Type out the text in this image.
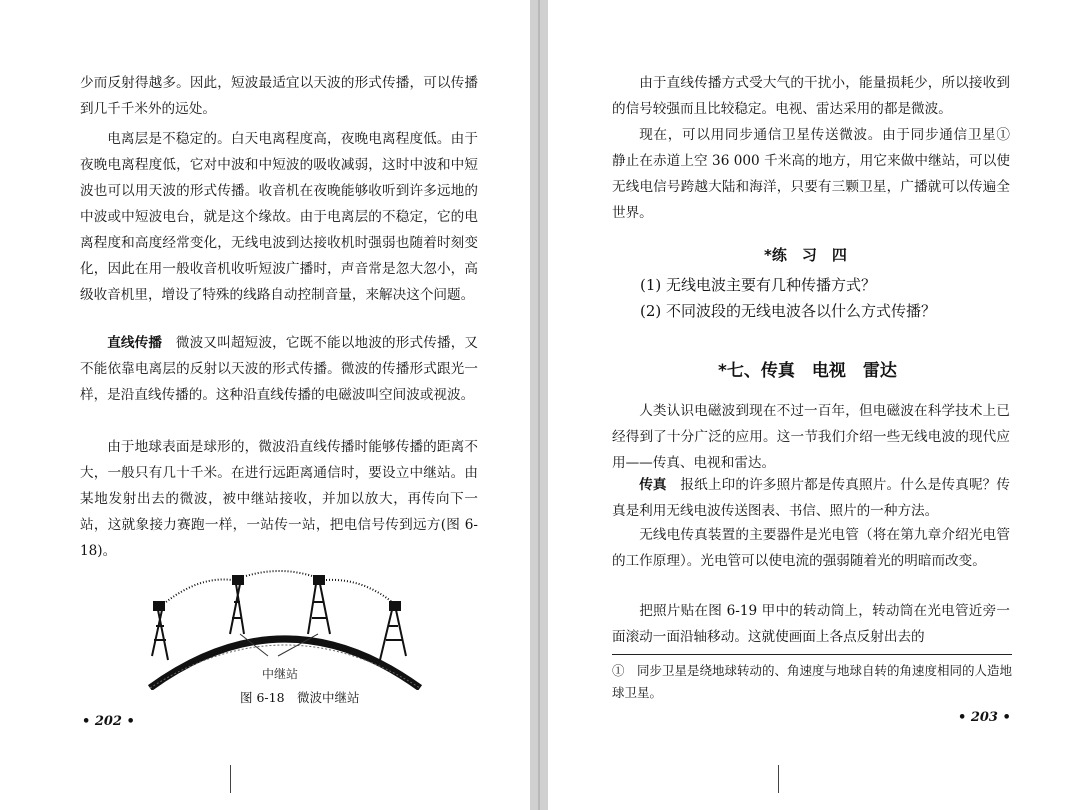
少而反射得越多。因此，短波最适宜以天波的形式传播，可以传播到几千千米外的远处。

电离层是不稳定的。白天电离程度高，夜晚电离程度低。由于夜晚电离程度低，它对中波和中短波的吸收减弱，这时中波和中短波也可以用天波的形式传播。收音机在夜晚能够收听到许多远地的中波或中短波电台，就是这个缘故。由于电离层的不稳定，它的电离程度和高度经常变化，无线电波到达接收机时强弱也随着时刻变化，因此在用一般收音机收听短波广播时，声音常是忽大忽小，高级收音机里，增设了特殊的线路自动控制音量，来解决这个问题。

直线传播　 微波又叫超短波，它既不能以地波的形式传播，又不能依靠电离层的反射以天波的形式传播。微波的传播形式跟光一样，是沿直线传播的。这种沿直线传播的电磁波叫空间波或视波。

由于地球表面是球形的，微波沿直线传播时能够传播的距离不大，一般只有几十千米。在进行远距离通信时，要设立中继站。由某地发射出去的微波，被中继站接收，并加以放大，再传向下一站，这就象接力赛跑一样，一站传一站，把电信号传到远方(图 6-18)。

中继站
图 6-18　微波中继站
• 202 •

由于直线传播方式受大气的干扰小，能量损耗少，所以接收到的信号较强而且比较稳定。电视、雷达采用的都是微波。

现在，可以用同步通信卫星传送微波。由于同步通信卫星① 静止在赤道上空 36 000 千米高的地方，用它来做中继站，可以使无线电信号跨越大陆和海洋，只要有三颗卫星，广播就可以传遍全世界。

*练　习　四
(1) 无线电波主要有几种传播方式？
(2) 不同波段的无线电波各以什么方式传播？
*七、传真　电视　雷达

人类认识电磁波到现在不过一百年，但电磁波在科学技术上已经得到了十分广泛的应用。这一节我们介绍一些无线电波的现代应用——传真、电视和雷达。

传真　 报纸上印的许多照片都是传真照片。什么是传真呢？传真是利用无线电波传送图表、书信、照片的一种方法。

无线电传真装置的主要器件是光电管（将在第九章介绍光电管的工作原理）。光电管可以使电流的强弱随着光的明暗而改变。

把照片贴在图 6-19 甲中的转动筒上，转动筒在光电管近旁一面滚动一面沿轴移动。这就使画面上各点反射出去的

①　同步卫星是绕地球转动的、角速度与地球自转的角速度相同的人造地球卫星。

• 203 •
